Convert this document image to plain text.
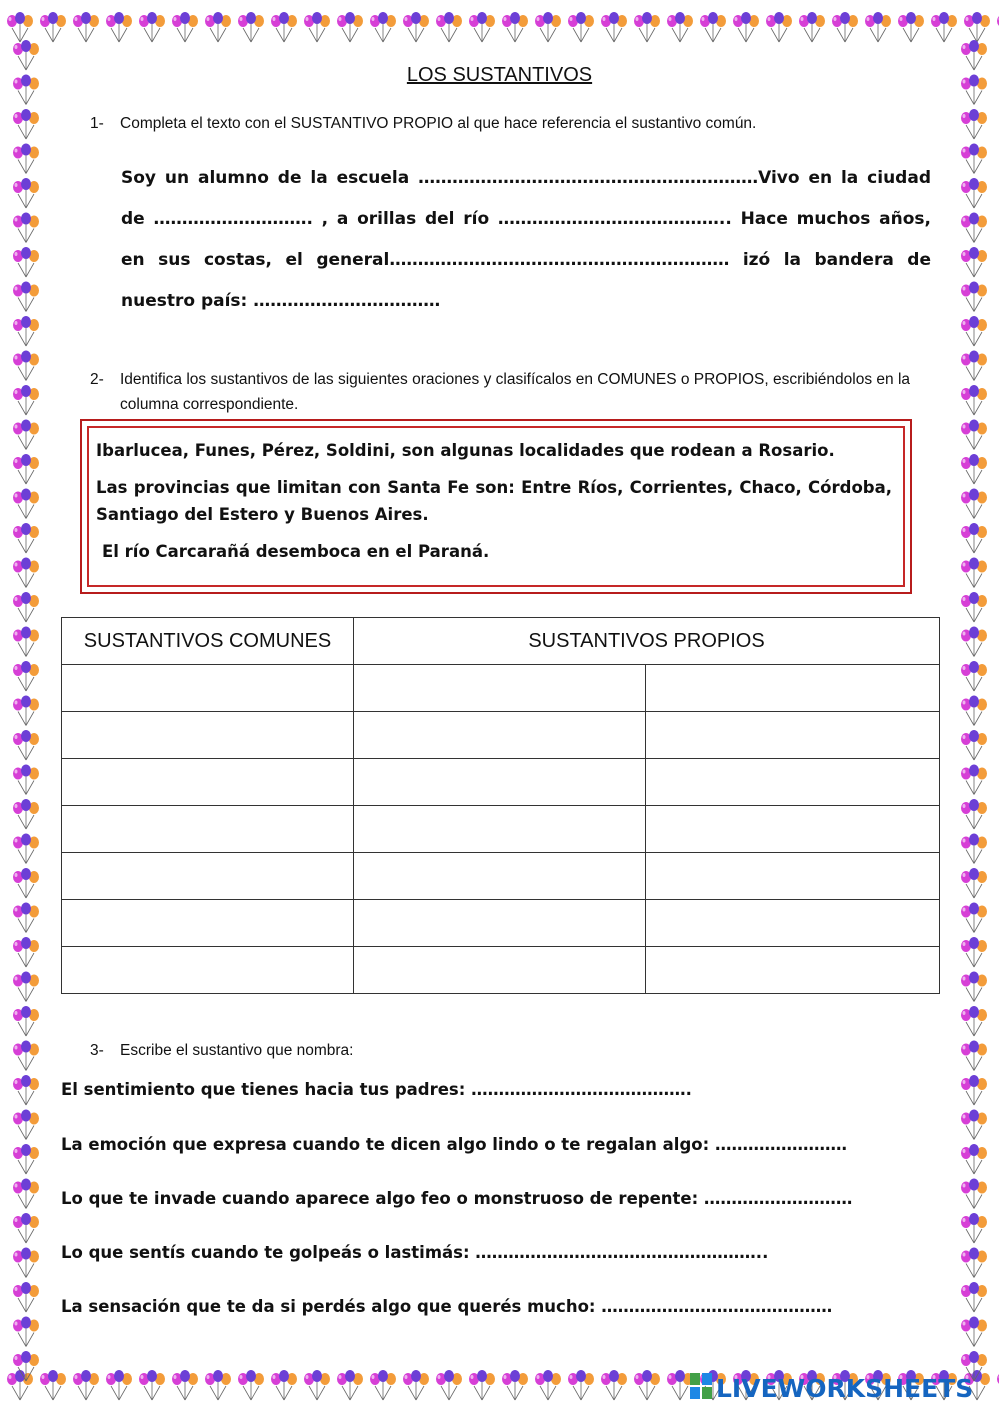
LOS SUSTANTIVOS
1- Completa el texto con el SUSTANTIVO PROPIO al que hace referencia el sustantivo común.
Soy un alumno de la escuela ……………………………………………………Vivo en la ciudad de ………………………. , a orillas del río ………………………………….. Hace muchos años, en sus costas, el general…………………………………………………… izó la bandera de nuestro país: ……………………………
2- Identifica los sustantivos de las siguientes oraciones y clasifícalos en COMUNES o PROPIOS, escribiéndolos en la columna correspondiente.

Ibarlucea, Funes, Pérez, Soldini, son algunas localidades que rodean a Rosario.

Las provincias que limitan con Santa Fe son: Entre Ríos, Corrientes, Chaco, Córdoba, Santiago del Estero y Buenos Aires.

El río Carcarañá desemboca en el Paraná.

SUSTANTIVOS COMUNES	SUSTANTIVOS PROPIOS	

3- Escribe el sustantivo que nombra:
El sentimiento que tienes hacia tus padres: ………………………………….
La emoción que expresa cuando te dicen algo lindo o te regalan algo: ……………………
Lo que te invade cuando aparece algo feo o monstruoso de repente: ………………………
Lo que sentís cuando te golpeás o lastimás: ……………………………………………..
La sensación que te da si perdés algo que querés mucho: ……………………………………
LIVEWORKSHEETS
